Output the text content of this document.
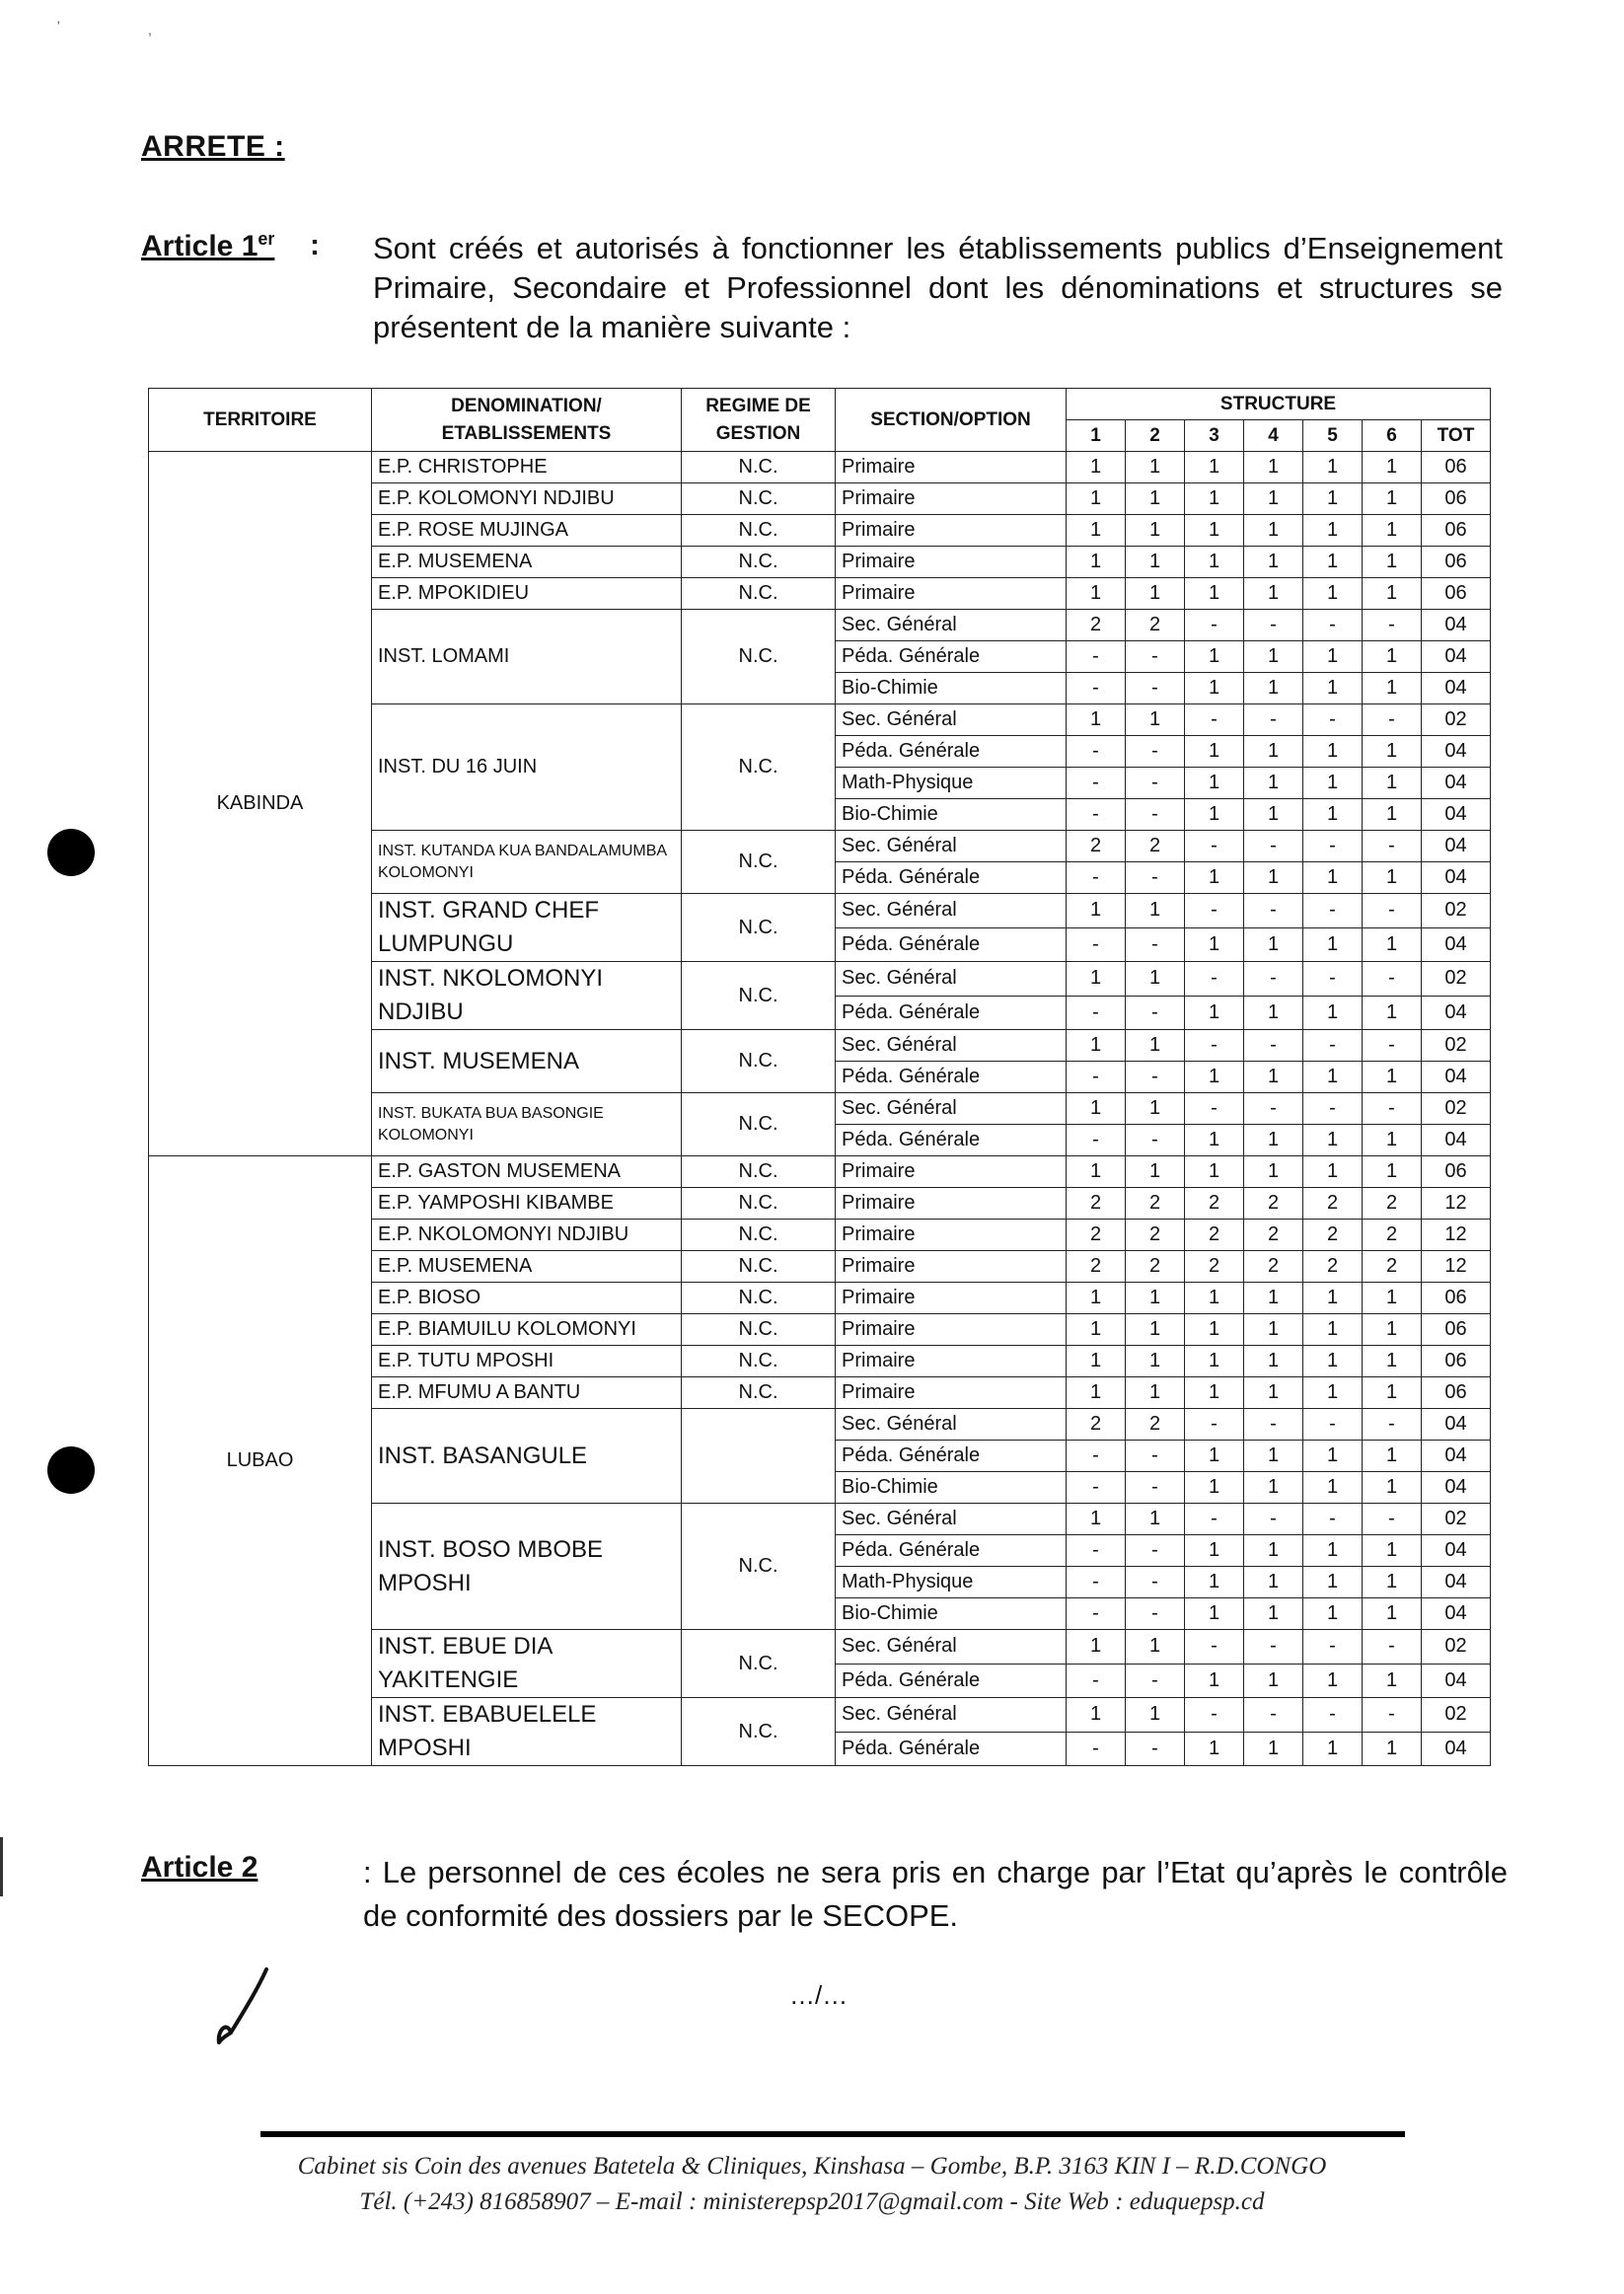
'	,
ARRETE :
Article 1er : Sont créés et autorisés à fonctionner les établissements publics d’Enseignement Primaire, Secondaire et Professionnel dont les dénominations et structures se présentent de la manière suivante :
TERRITOIRE	DENOMINATION/ ETABLISSEMENTS	REGIME DE GESTION	SECTION/OPTION	STRUCTURE						
				1	2	3	4	5	6	TOT
KABINDA	E.P. CHRISTOPHE	N.C.	Primaire	1	1	1	1	1	1	06
	E.P. KOLOMONYI NDJIBU	N.C.	Primaire	1	1	1	1	1	1	06
	E.P. ROSE MUJINGA	N.C.	Primaire	1	1	1	1	1	1	06
	E.P. MUSEMENA	N.C.	Primaire	1	1	1	1	1	1	06
	E.P. MPOKIDIEU	N.C.	Primaire	1	1	1	1	1	1	06
	INST. LOMAMI	N.C.	Sec. Général	2	2	-	-	-	-	04
			Péda. Générale	-	-	1	1	1	1	04
			Bio-Chimie	-	-	1	1	1	1	04
	INST. DU 16 JUIN	N.C.	Sec. Général	1	1	-	-	-	-	02
			Péda. Générale	-	-	1	1	1	1	04
			Math-Physique	-	-	1	1	1	1	04
			Bio-Chimie	-	-	1	1	1	1	04
	INST. KUTANDA KUA BANDALAMUMBA KOLOMONYI	N.C.	Sec. Général	2	2	-	-	-	-	04
			Péda. Générale	-	-	1	1	1	1	04
	INST. GRAND CHEF LUMPUNGU	N.C.	Sec. Général	1	1	-	-	-	-	02
			Péda. Générale	-	-	1	1	1	1	04
	INST. NKOLOMONYI NDJIBU	N.C.	Sec. Général	1	1	-	-	-	-	02
			Péda. Générale	-	-	1	1	1	1	04
	INST. MUSEMENA	N.C.	Sec. Général	1	1	-	-	-	-	02
			Péda. Générale	-	-	1	1	1	1	04
	INST. BUKATA BUA BASONGIE KOLOMONYI	N.C.	Sec. Général	1	1	-	-	-	-	02
			Péda. Générale	-	-	1	1	1	1	04
LUBAO	E.P. GASTON MUSEMENA	N.C.	Primaire	1	1	1	1	1	1	06
	E.P. YAMPOSHI KIBAMBE	N.C.	Primaire	2	2	2	2	2	2	12
	E.P. NKOLOMONYI NDJIBU	N.C.	Primaire	2	2	2	2	2	2	12
	E.P. MUSEMENA	N.C.	Primaire	2	2	2	2	2	2	12
	E.P. BIOSO	N.C.	Primaire	1	1	1	1	1	1	06
	E.P. BIAMUILU KOLOMONYI	N.C.	Primaire	1	1	1	1	1	1	06
	E.P. TUTU MPOSHI	N.C.	Primaire	1	1	1	1	1	1	06
	E.P. MFUMU A BANTU	N.C.	Primaire	1	1	1	1	1	1	06
	INST. BASANGULE		Sec. Général	2	2	-	-	-	-	04
			Péda. Générale	-	-	1	1	1	1	04
			Bio-Chimie	-	-	1	1	1	1	04
	INST. BOSO MBOBE MPOSHI	N.C.	Sec. Général	1	1	-	-	-	-	02
			Péda. Générale	-	-	1	1	1	1	04
			Math-Physique	-	-	1	1	1	1	04
			Bio-Chimie	-	-	1	1	1	1	04
	INST. EBUE DIA YAKITENGIE	N.C.	Sec. Général	1	1	-	-	-	-	02
			Péda. Générale	-	-	1	1	1	1	04
	INST. EBABUELELE MPOSHI	N.C.	Sec. Général	1	1	-	-	-	-	02
			Péda. Générale	-	-	1	1	1	1	04
Article 2	: Le personnel de ces écoles ne sera pris en charge par l’Etat qu’après le contrôle de conformité des dossiers par le SECOPE.
…/…
Cabinet sis Coin des avenues Batetela & Cliniques, Kinshasa – Gombe, B.P. 3163 KIN I – R.D.CONGO
Tél. (+243) 816858907 – E-mail : ministerepsp2017@gmail.com - Site Web : eduquepsp.cd
